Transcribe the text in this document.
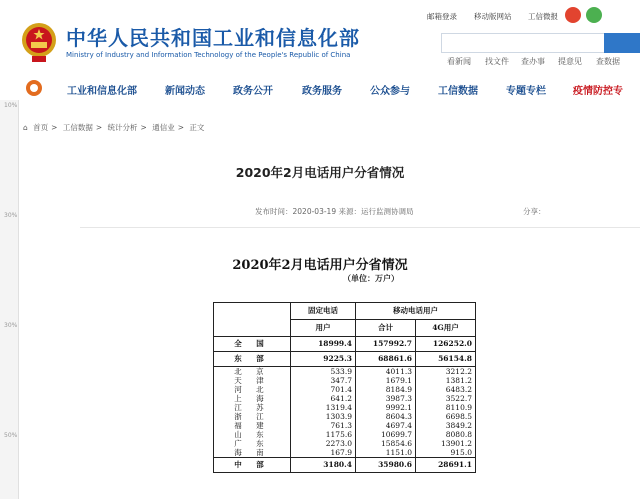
中华人民共和国工业和信息化部
Ministry of Industry and Information Technology of the People's Republic of China
邮箱登录 移动版网站 工信微报
看新闻 找文件 查办事 提意见 查数据
工业和信息化部	新闻动态	政务公开	政务服务	公众参与	工信数据	专题专栏	疫情防控专
10%
30%
30%
50%
⌂ 首页 > 工信数据 > 统计分析 > 通信业 > 正文
2020年2月电话用户分省情况
发布时间：2020-03-19 来源：运行监测协调局	分享：
2020年2月电话用户分省情况
（单位：万户）
	固定电话	移动电话用户	
	用户	合计	4G用户
全 国	18999.4	157992.7	126252.0
东 部	9225.3	68861.6	56154.8
北 京	533.9	4011.3	3212.2
天 津	347.7	1679.1	1381.2
河 北	701.4	8184.9	6483.2
上 海	641.2	3987.3	3522.7
江 苏	1319.4	9992.1	8110.9
浙 江	1303.9	8604.3	6698.5
福 建	761.3	4697.4	3849.2
山 东	1175.6	10699.7	8080.8
广 东	2273.0	15854.6	13901.2
海 南	167.9	1151.0	915.0
中 部	3180.4	35980.6	28691.1
